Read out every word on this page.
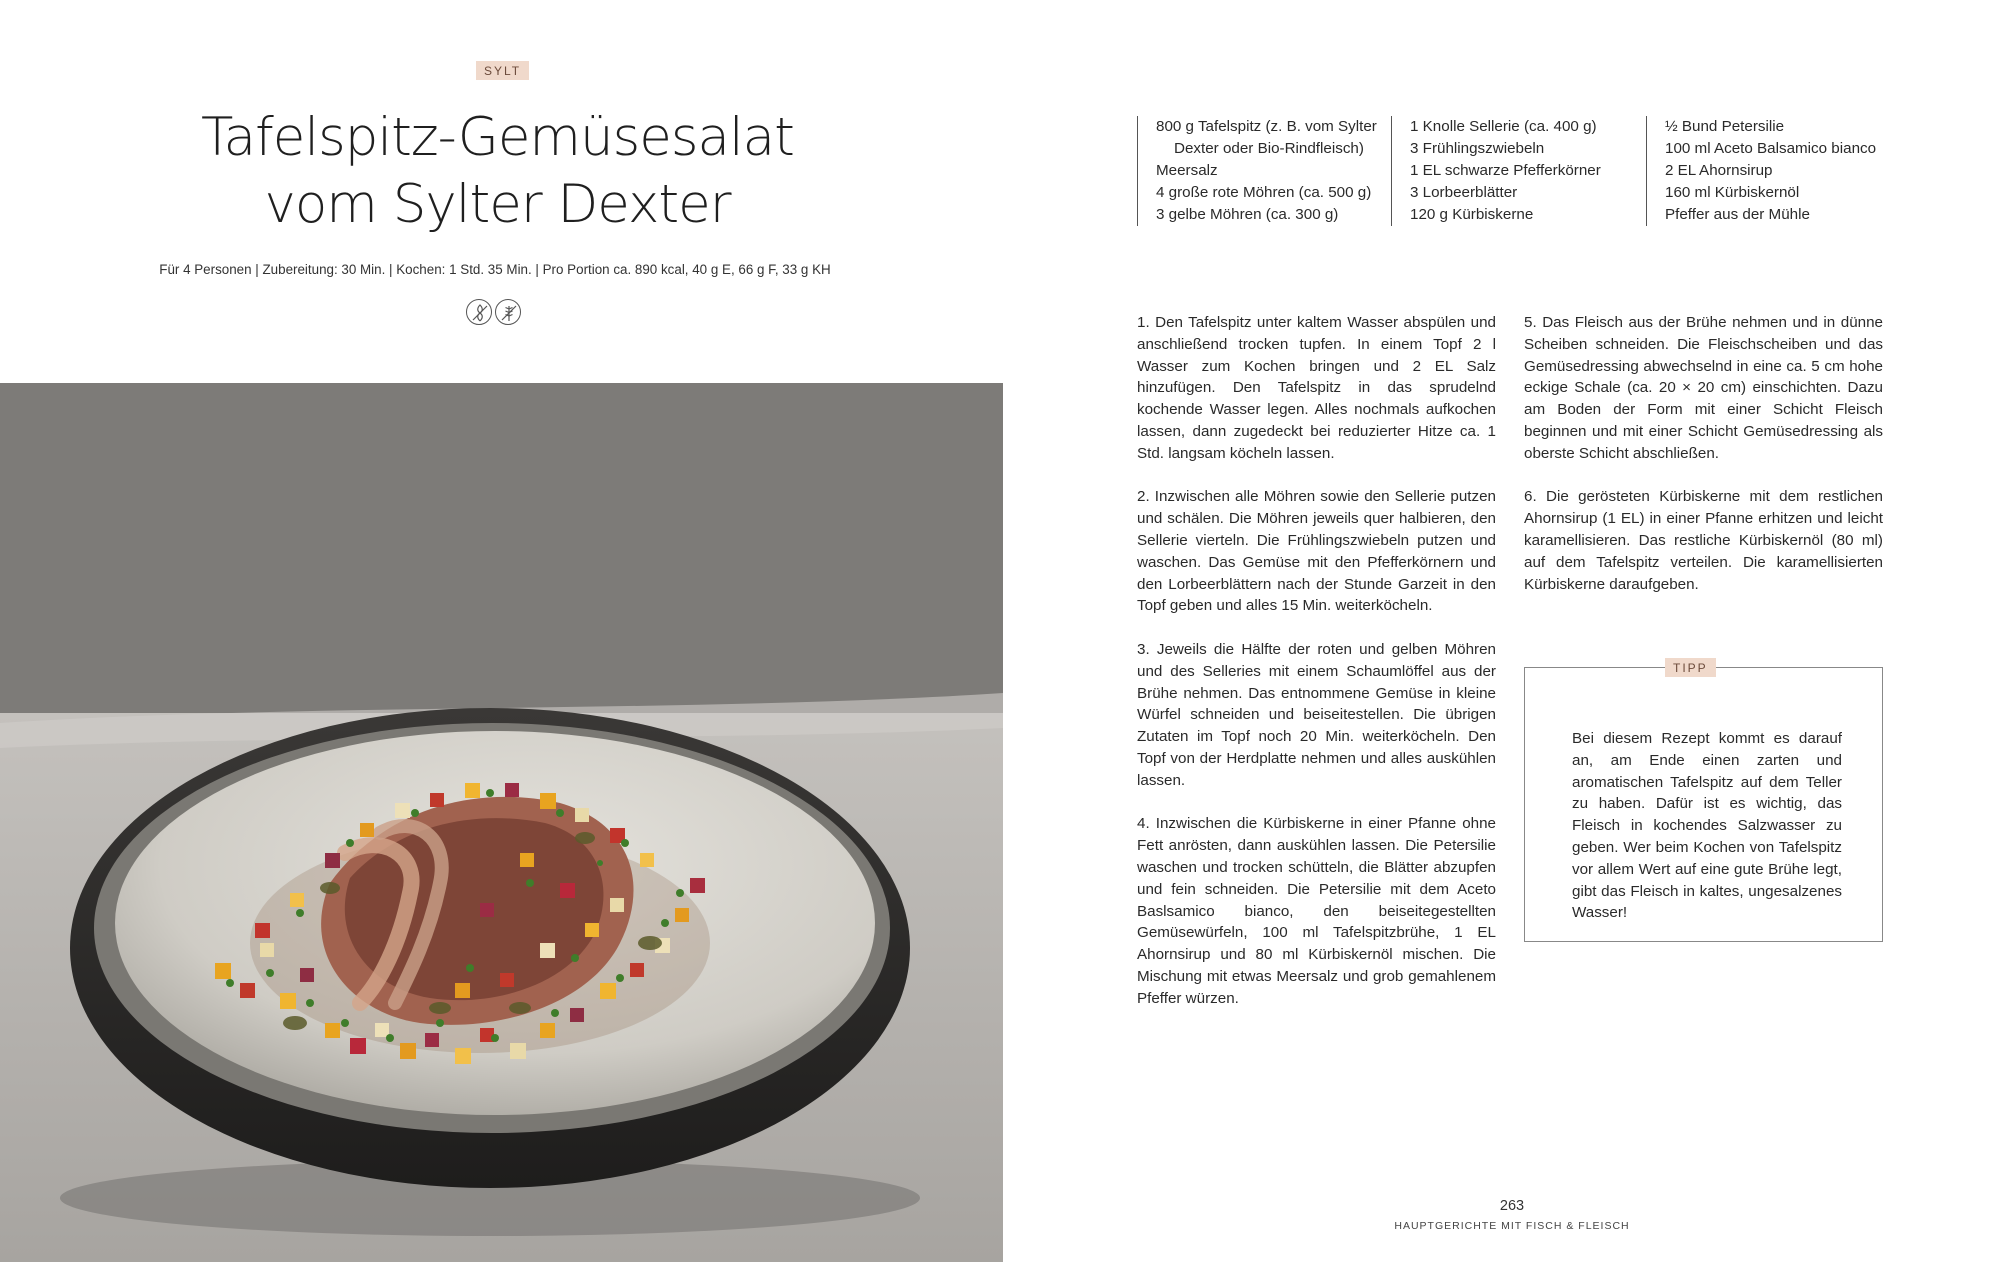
SYLT
Tafelspitz-Gemüsesalat
vom Sylter Dexter
Für 4 Personen | Zubereitung: 30 Min. | Kochen: 1 Std. 35 Min. | Pro Portion ca. 890 kcal, 40 g E, 66 g F, 33 g KH
800 g Tafelspitz (z. B. vom Sylter
Dexter oder Bio-Rindfleisch)
Meersalz
4 große rote Möhren (ca. 500 g)
3 gelbe Möhren (ca. 300 g)
1 Knolle Sellerie (ca. 400 g)
3 Frühlingszwiebeln
1 EL schwarze Pfefferkörner
3 Lorbeerblätter
120 g Kürbiskerne
½ Bund Petersilie
100 ml Aceto Balsamico bianco
2 EL Ahornsirup
160 ml Kürbiskernöl
Pfeffer aus der Mühle

1. Den Tafelspitz unter kaltem Wasser abspülen und anschließend trocken tupfen. In einem Topf 2 l Wasser zum Kochen bringen und 2 EL Salz hinzufügen. Den Tafelspitz in das sprudelnd kochende Wasser legen. Alles nochmals aufkochen lassen, dann zugedeckt bei reduzierter Hitze ca. 1 Std. langsam köcheln lassen.

2. Inzwischen alle Möhren sowie den Sellerie putzen und schälen. Die Möhren jeweils quer halbieren, den Sellerie vierteln. Die Frühlingszwiebeln putzen und waschen. Das Gemüse mit den Pfefferkörnern und den Lorbeerblättern nach der Stunde Garzeit in den Topf geben und alles 15 Min. weiterköcheln.

3. Jeweils die Hälfte der roten und gelben Möhren und des Selleries mit einem Schaumlöffel aus der Brühe nehmen. Das entnommene Gemüse in kleine Würfel schneiden und beiseitestellen. Die übrigen Zutaten im Topf noch 20 Min. weiterköcheln. Den Topf von der Herdplatte nehmen und alles auskühlen lassen.

4. Inzwischen die Kürbiskerne in einer Pfanne ohne Fett anrösten, dann auskühlen lassen. Die Petersilie waschen und trocken schütteln, die Blätter abzupfen und fein schneiden. Die Petersilie mit dem Aceto Baslsamico bianco, den beiseitegestellten Gemüsewürfeln, 100 ml Tafelspitzbrühe, 1 EL Ahornsirup und 80 ml Kürbiskernöl mischen. Die Mischung mit etwas Meersalz und grob gemahlenem Pfeffer würzen.

5. Das Fleisch aus der Brühe nehmen und in dünne Scheiben schneiden. Die Fleischscheiben und das Gemüsedressing abwechselnd in eine ca. 5 cm hohe eckige Schale (ca. 20 × 20 cm) einschichten. Dazu am Boden der Form mit einer Schicht Fleisch beginnen und mit einer Schicht Gemüsedressing als oberste Schicht abschließen.

6. Die gerösteten Kürbiskerne mit dem restlichen Ahornsirup (1 EL) in einer Pfanne erhitzen und leicht karamellisieren. Das restliche Kürbiskernöl (80 ml) auf dem Tafelspitz verteilen. Die karamellisierten Kürbiskerne daraufgeben.

TIPP
Bei diesem Rezept kommt es darauf an, am Ende einen zarten und aromatischen Tafelspitz auf dem Teller zu haben. Dafür ist es wichtig, das Fleisch in kochendes Salzwasser zu geben. Wer beim Kochen von Tafelspitz vor allem Wert auf eine gute Brühe legt, gibt das Fleisch in kaltes, ungesalzenes Wasser!
263
HAUPTGERICHTE MIT FISCH & FLEISCH
